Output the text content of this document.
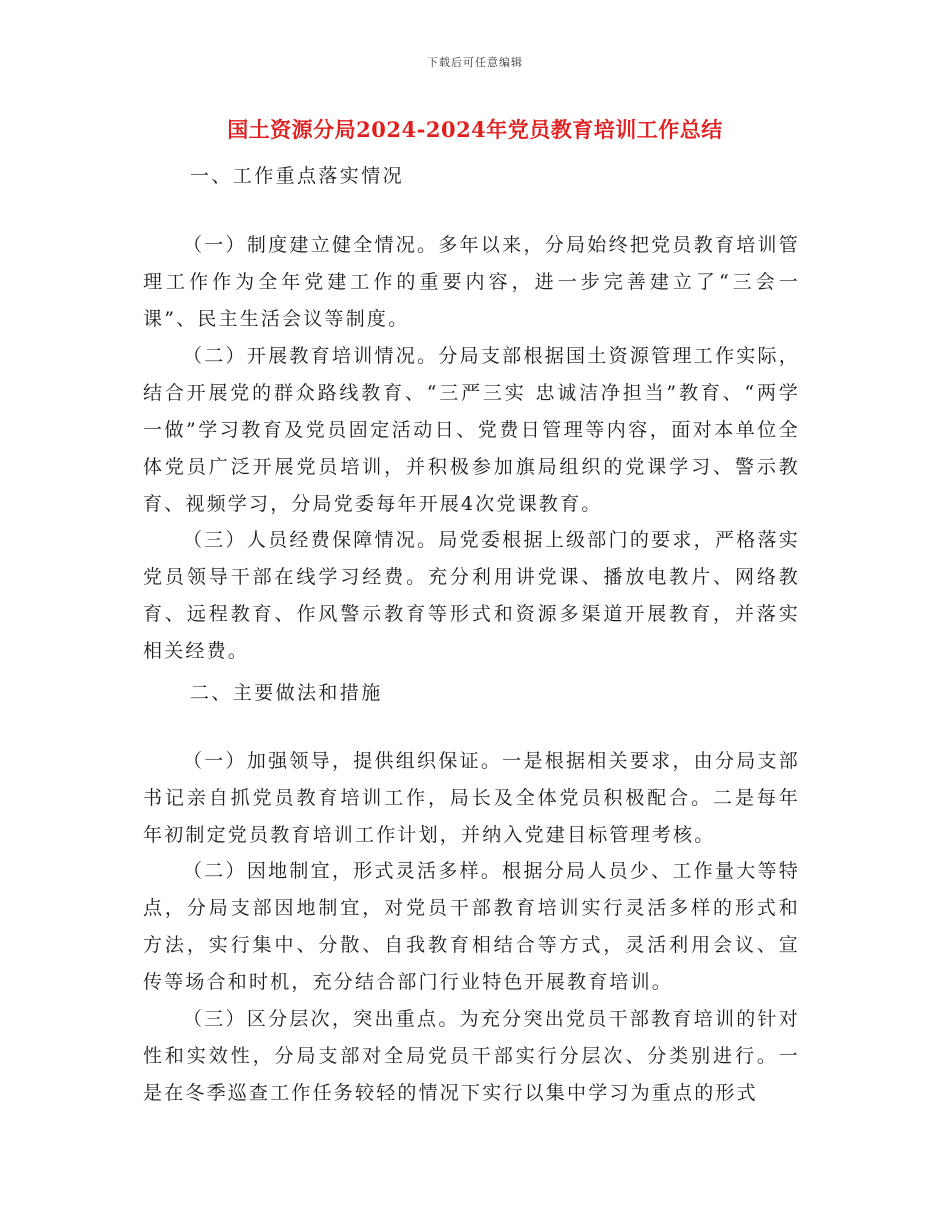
下载后可任意编辑
国土资源分局2024-2024年党员教育培训工作总结
一、工作重点落实情况
（一）制度建立健全情况。多年以来，分局始终把党员教育培训管理工作作为全年党建工作的重要内容，进一步完善建立了“三会一课”、民主生活会议等制度。
（二）开展教育培训情况。分局支部根据国土资源管理工作实际，结合开展党的群众路线教育、“三严三实 忠诚洁净担当”教育、“两学一做”学习教育及党员固定活动日、党费日管理等内容，面对本单位全体党员广泛开展党员培训，并积极参加旗局组织的党课学习、警示教育、视频学习，分局党委每年开展4次党课教育。
（三）人员经费保障情况。局党委根据上级部门的要求，严格落实党员领导干部在线学习经费。充分利用讲党课、播放电教片、网络教育、远程教育、作风警示教育等形式和资源多渠道开展教育，并落实相关经费。
二、主要做法和措施
（一）加强领导，提供组织保证。一是根据相关要求，由分局支部书记亲自抓党员教育培训工作，局长及全体党员积极配合。二是每年年初制定党员教育培训工作计划，并纳入党建目标管理考核。
（二）因地制宜，形式灵活多样。根据分局人员少、工作量大等特点，分局支部因地制宜，对党员干部教育培训实行灵活多样的形式和方法，实行集中、分散、自我教育相结合等方式，灵活利用会议、宣传等场合和时机，充分结合部门行业特色开展教育培训。
（三）区分层次，突出重点。为充分突出党员干部教育培训的针对性和实效性，分局支部对全局党员干部实行分层次、分类别进行。一是在冬季巡查工作任务较轻的情况下实行以集中学习为重点的形式
